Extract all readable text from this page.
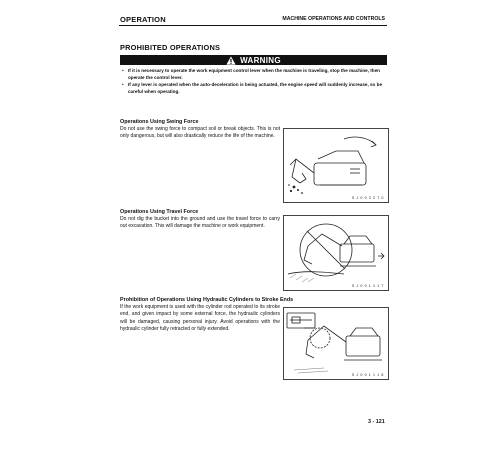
OPERATION	MACHINE OPERATIONS AND CONTROLS
PROHIBITED OPERATIONS
WARNING
• If it is necessary to operate the work equipment control lever when the machine is traveling, stop the machine, then operate the control lever.
• If any lever is operated when the auto-deceleration is being actuated, the engine speed will suddenly increase, so be careful when operating.
Operations Using Swing Force
Do not use the swing force to compact soil or break objects. This is not only dangerous, but will also drastically reduce the life of the machine.
S J 0 0 3 2 7 0
Operations Using Travel Force
Do not dig the bucket into the ground and use the travel force to carry out excavation. This will damage the machine or work equipment.
S J 0 0 1 1 1 7
Prohibition of Operations Using Hydraulic Cylinders to Stroke Ends
If the work equipment is used with the cylinder rod operated to its stroke end, and given impact by some external force, the hydraulic cylinders will be damaged, causing personal injury. Avoid operations with the hydraulic cylinder fully retracted or fully extended.
S J 0 0 1 1 1 8
3 - 121
